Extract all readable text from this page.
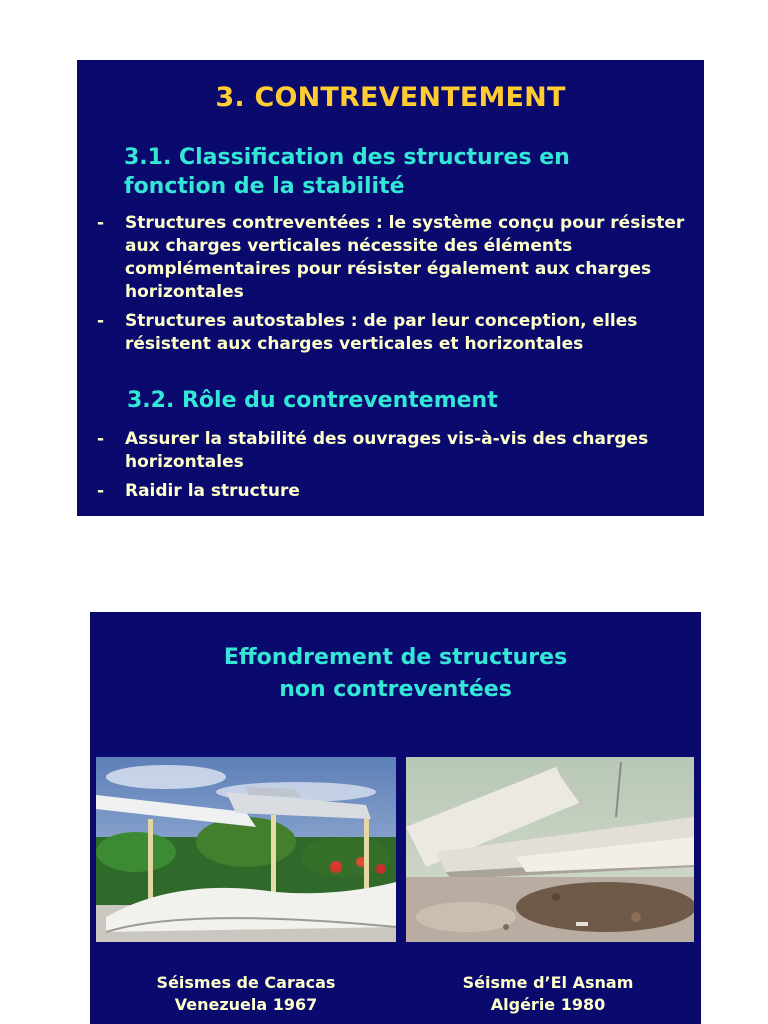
3. CONTREVENTEMENT
3.1. Classification des structures en
fonction de la stabilité
- Structures contreventées : le système conçu pour résister aux charges verticales nécessite des éléments complémentaires pour résister également aux charges horizontales
- Structures autostables : de par leur conception, elles résistent aux charges verticales et horizontales
3.2. Rôle du contreventement
- Assurer la stabilité des ouvrages vis-à-vis des charges horizontales
- Raidir la structure
Effondrement de structures
non contreventées
Séismes de Caracas
Venezuela 1967
Séisme d’El Asnam
Algérie 1980
